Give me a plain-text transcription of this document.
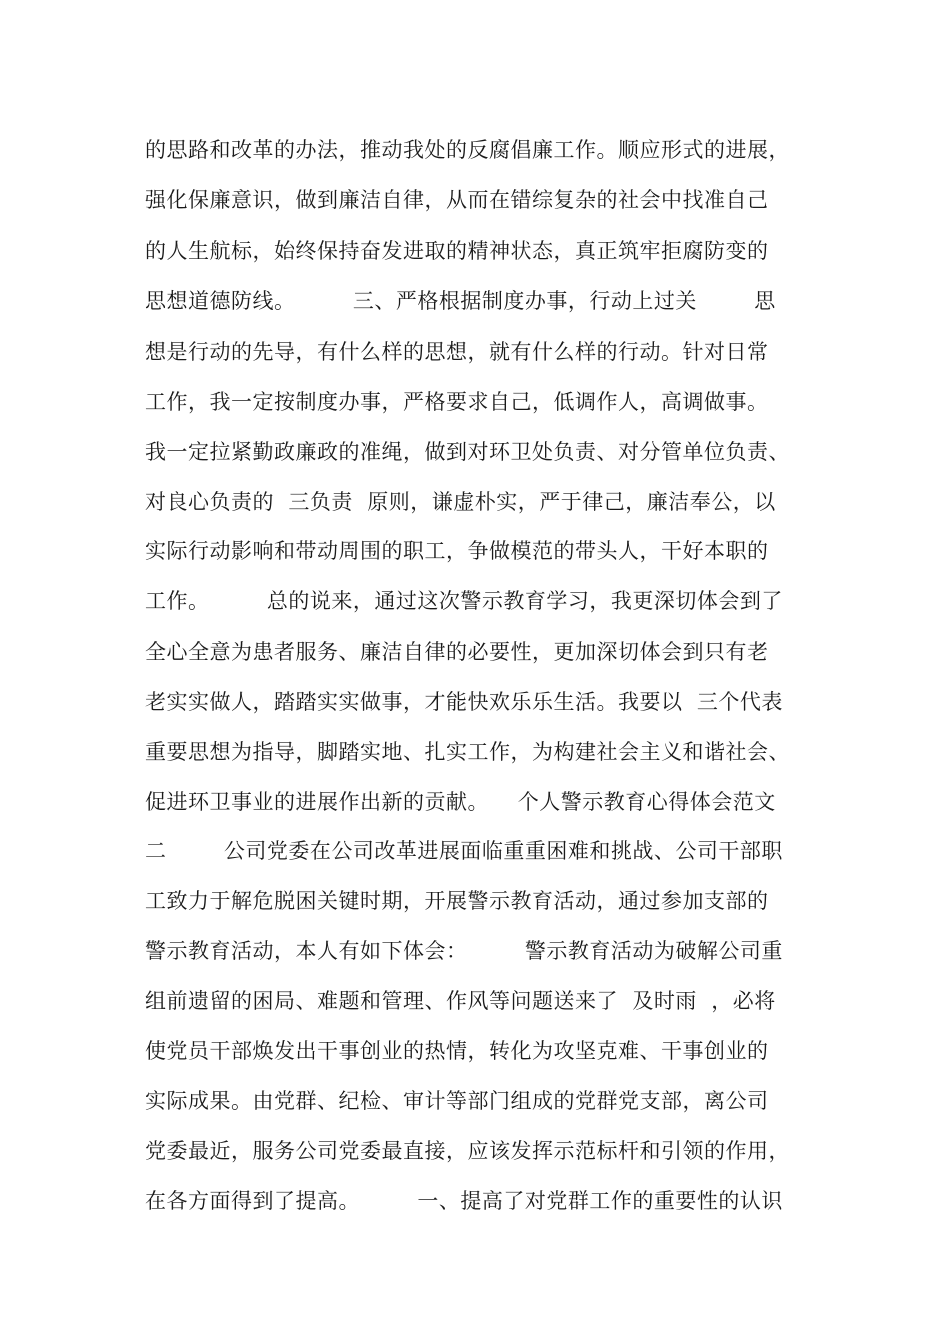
的思路和改革的办法，推动我处的反腐倡廉工作。顺应形式的进展，
强化保廉意识，做到廉洁自律，从而在错综复杂的社会中找准自己
的人生航标，始终保持奋发进取的精神状态，真正筑牢拒腐防变的
思想道德防线。        三、严格根据制度办事，行动上过关        思
想是行动的先导，有什么样的思想，就有什么样的行动。针对日常
工作，我一定按制度办事，严格要求自己，低调作人，高调做事。
我一定拉紧勤政廉政的准绳，做到对环卫处负责、对分管单位负责、
对良心负责的  三负责  原则，谦虚朴实，严于律己，廉洁奉公，以
实际行动影响和带动周围的职工，争做模范的带头人，干好本职的
工作。        总的说来，通过这次警示教育学习，我更深切体会到了
全心全意为患者服务、廉洁自律的必要性，更加深切体会到只有老
老实实做人，踏踏实实做事，才能快欢乐乐生活。我要以  三个代表
重要思想为指导，脚踏实地、扎实工作，为构建社会主义和谐社会、
促进环卫事业的进展作出新的贡献。    个人警示教育心得体会范文
二        公司党委在公司改革进展面临重重困难和挑战、公司干部职
工致力于解危脱困关键时期，开展警示教育活动，通过参加支部的
警示教育活动，本人有如下体会：        警示教育活动为破解公司重
组前遗留的困局、难题和管理、作风等问题送来了  及时雨  ，必将
使党员干部焕发出干事创业的热情，转化为攻坚克难、干事创业的
实际成果。由党群、纪检、审计等部门组成的党群党支部，离公司
党委最近，服务公司党委最直接，应该发挥示范标杆和引领的作用，
在各方面得到了提高。        一、提高了对党群工作的重要性的认识
